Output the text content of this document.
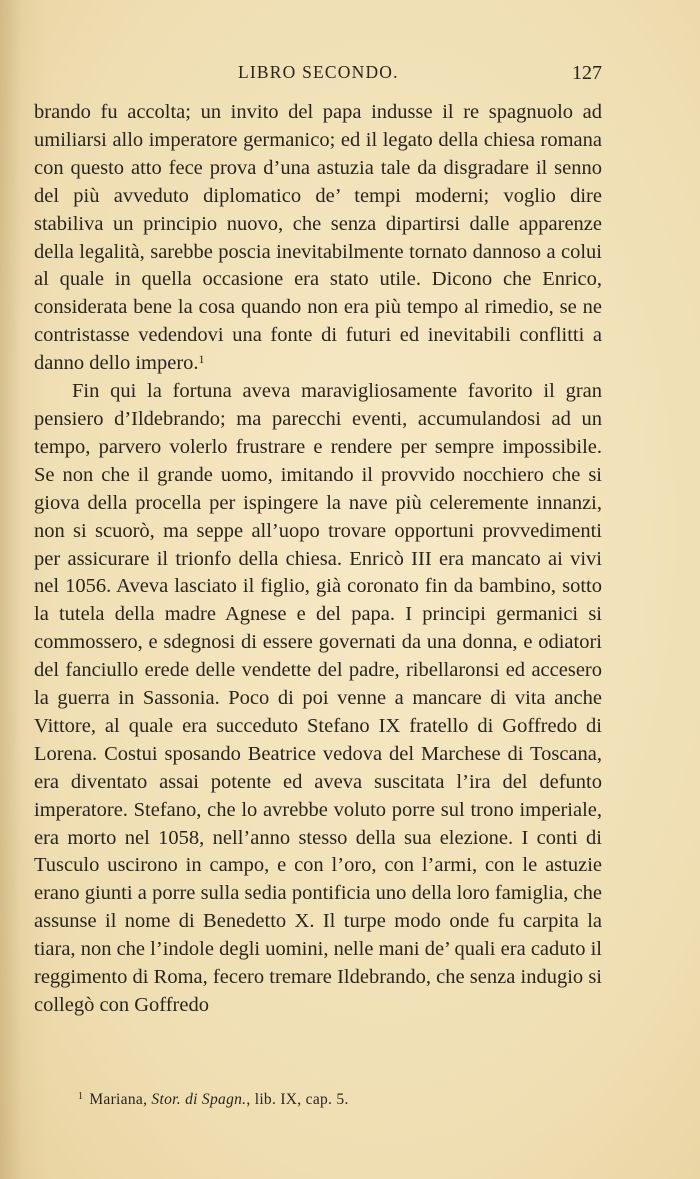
LIBRO SECONDO.	127

brando fu accolta; un invito del papa indusse il re spagnuolo ad umiliarsi allo imperatore germanico; ed il legato della chiesa romana con questo atto fece prova d’una astuzia tale da disgradare il senno del più avveduto diplomatico de’ tempi moderni; voglio dire stabiliva un principio nuovo, che senza dipartirsi dalle apparenze della legalità, sarebbe poscia inevitabilmente tornato dannoso a colui al quale in quella occasione era stato utile. Dicono che Enrico, considerata bene la cosa quando non era più tempo al rimedio, se ne contristasse vedendovi una fonte di futuri ed inevitabili conflitti a danno dello impero.$^1$

Fin qui la fortuna aveva maravigliosamente favorito il gran pensiero d’Ildebrando; ma parecchi eventi, accumulandosi ad un tempo, parvero volerlo frustrare e rendere per sempre impossibile. Se non che il grande uomo, imitando il provvido nocchiero che si giova della procella per ispingere la nave più celeremente innanzi, non si scuorò, ma seppe all’uopo trovare opportuni provvedimenti per assicurare il trionfo della chiesa. Enricò III era mancato ai vivi nel 1056. Aveva lasciato il figlio, già coronato fin da bambino, sotto la tutela della madre Agnese e del papa. I principi germanici si commossero, e sdegnosi di essere governati da una donna, e odiatori del fanciullo erede delle vendette del padre, ribellaronsi ed accesero la guerra in Sassonia. Poco di poi venne a mancare di vita anche Vittore, al quale era succeduto Stefano IX fratello di Goffredo di Lorena. Costui sposando Beatrice vedova del Marchese di Toscana, era diventato assai potente ed aveva suscitata l’ira del defunto imperatore. Stefano, che lo avrebbe voluto porre sul trono imperiale, era morto nel 1058, nell’anno stesso della sua elezione. I conti di Tusculo uscirono in campo, e con l’oro, con l’armi, con le astuzie erano giunti a porre sulla sedia pontificia uno della loro famiglia, che assunse il nome di Benedetto X. Il turpe modo onde fu carpita la tiara, non che l’indole degli uomini, nelle mani de’ quali era caduto il reggimento di Roma, fecero tremare Ildebrando, che senza indugio si collegò con Goffredo

$^1$ Mariana, Stor. di Spagn., lib. IX, cap. 5.
